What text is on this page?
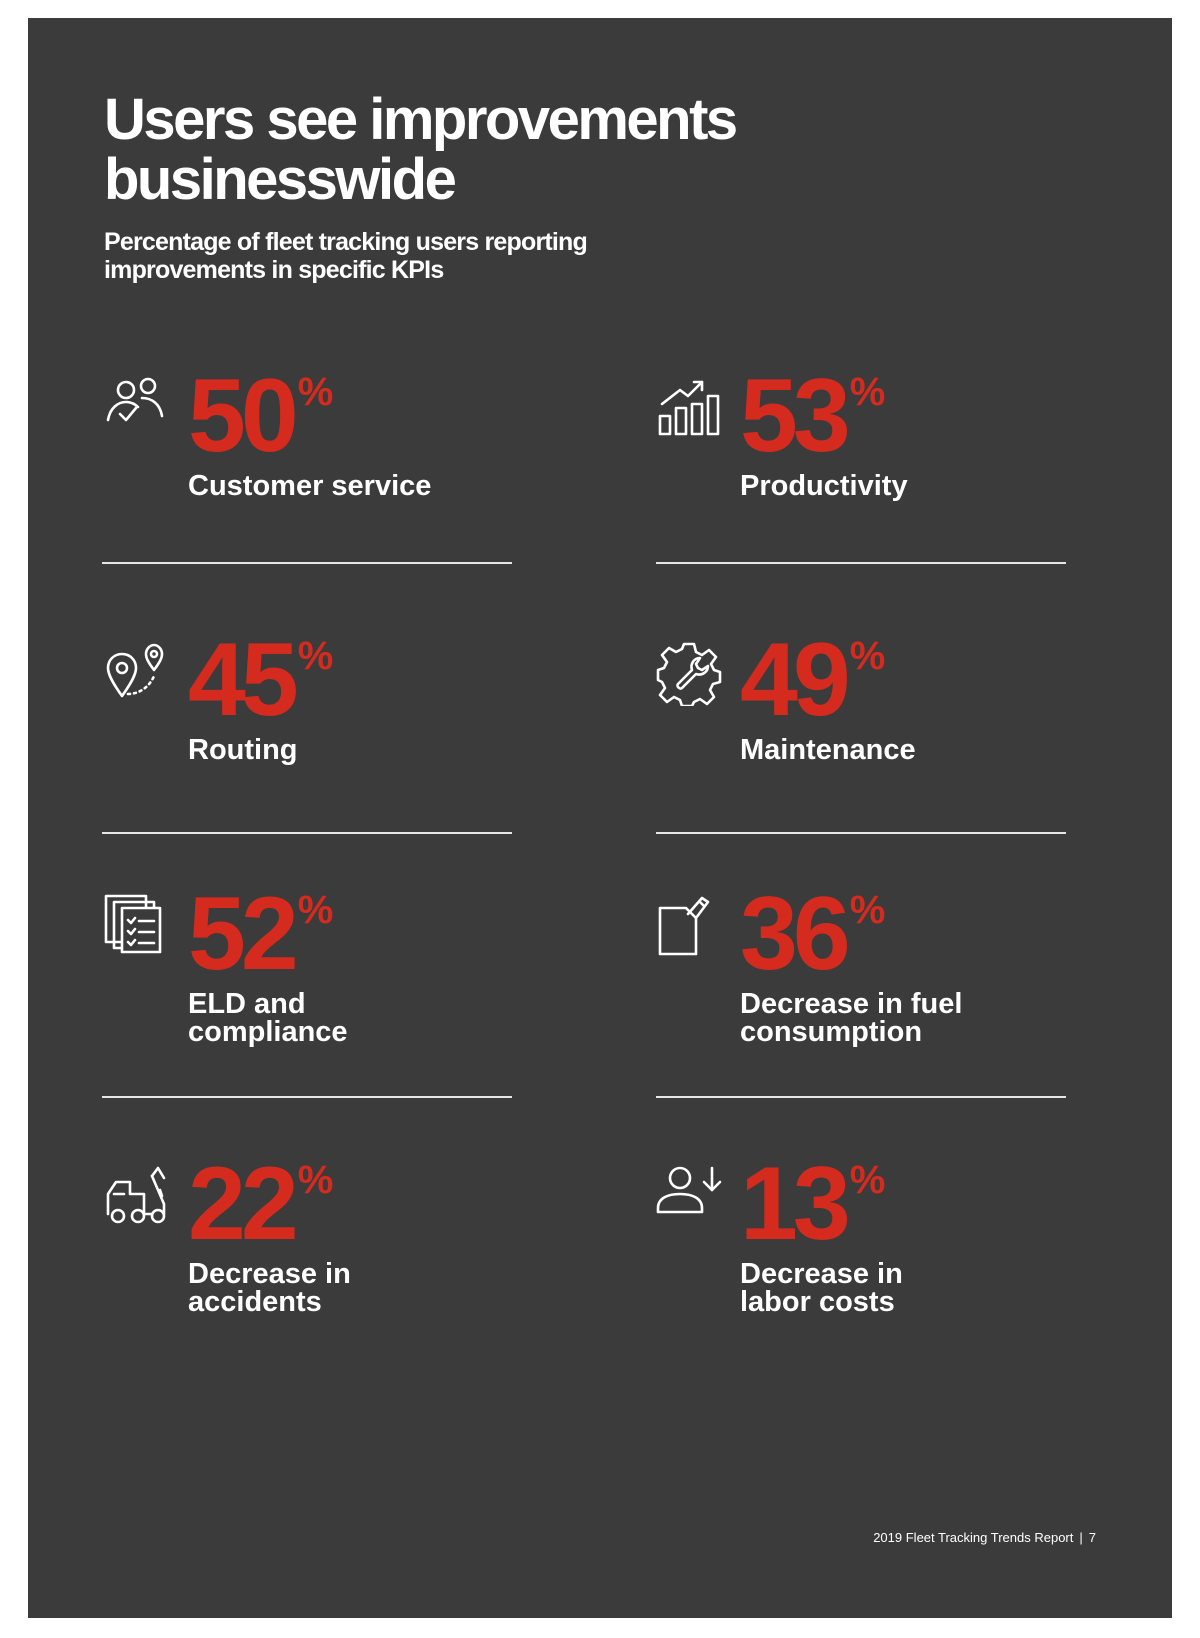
Users see improvements
businesswide

Percentage of fleet tracking users reporting
improvements in specific KPIs

50 %
Customer service

53 %
Productivity

45 %
Routing

49 %
Maintenance

52 %
ELD and
compliance
36 %
Decrease in fuel
consumption
22 %
Decrease in
accidents
13 %
Decrease in
labor costs
2019 Fleet Tracking Trends Report | 7
